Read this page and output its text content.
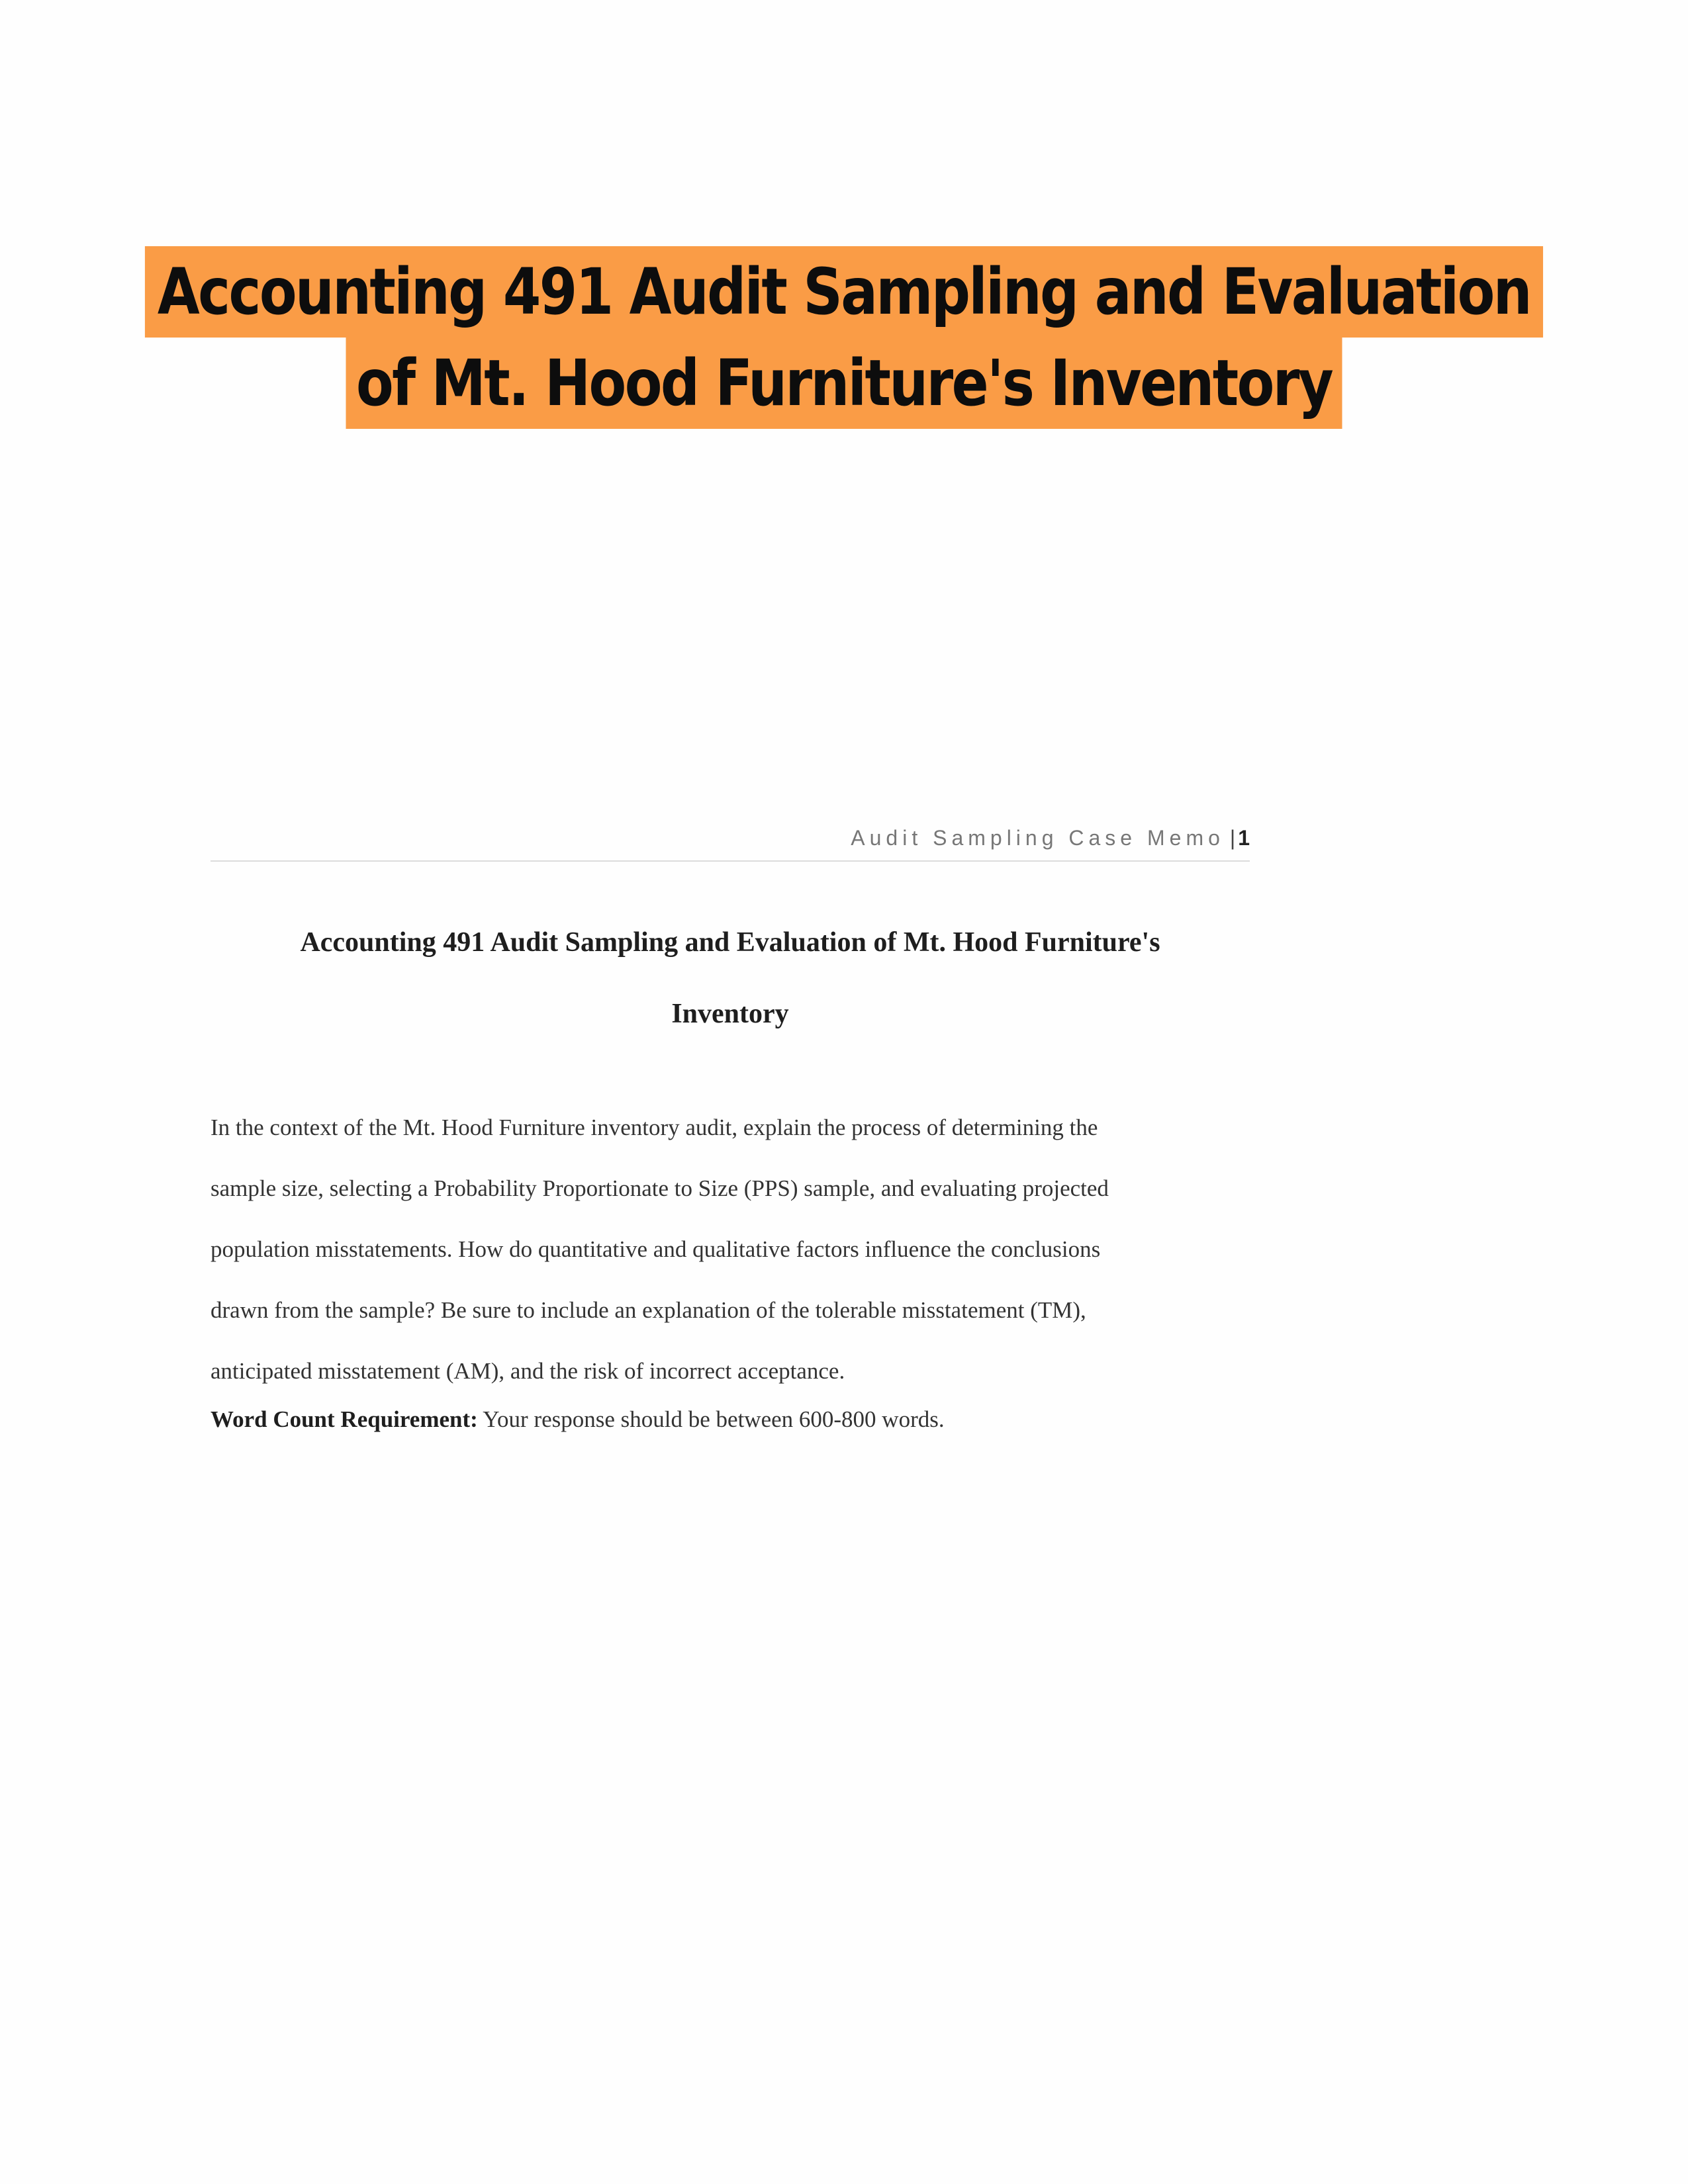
Accounting 491 Audit Sampling and Evaluation
of Mt. Hood Furniture's Inventory
Audit Sampling Case Memo | 1
Accounting 491 Audit Sampling and Evaluation of Mt. Hood Furniture's
Inventory
In the context of the Mt. Hood Furniture inventory audit, explain the process of determining the
sample size, selecting a Probability Proportionate to Size (PPS) sample, and evaluating projected
population misstatements. How do quantitative and qualitative factors influence the conclusions
drawn from the sample? Be sure to include an explanation of the tolerable misstatement (TM),
anticipated misstatement (AM), and the risk of incorrect acceptance.
Word Count Requirement: Your response should be between 600-800 words.
